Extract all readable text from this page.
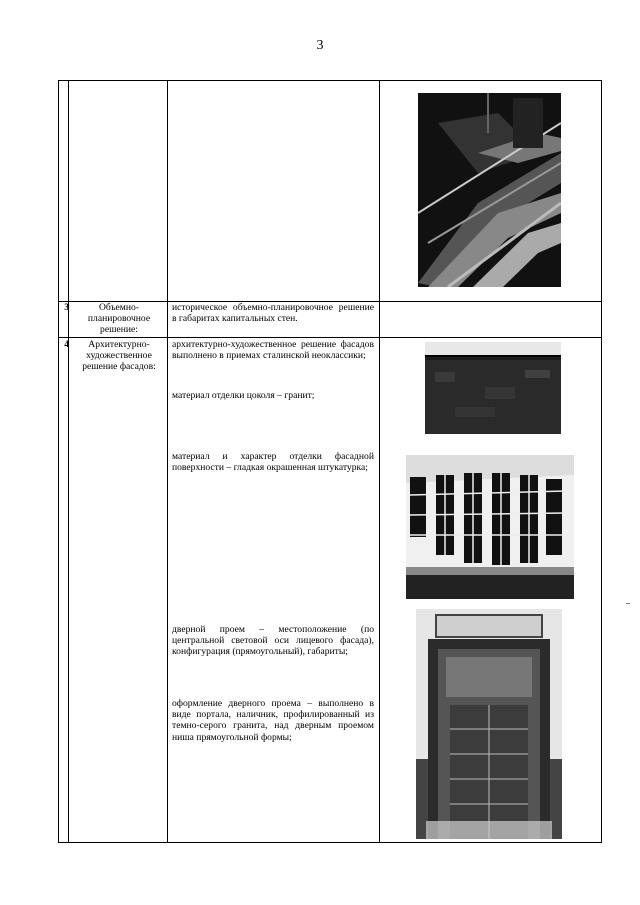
3
3	Объемно-планировочное решение:
историческое объемно-планировочное решение в габаритах капитальных стен.
4	Архитектурно-художественное решение фасадов:
архитектурно-художественное решение фасадов выполнено в приемах сталинской неоклассики;
материал отделки цоколя – гранит;
материал и характер отделки фасадной поверхности – гладкая окрашенная штукатурка;
дверной проем – местоположение (по центральной световой оси лицевого фасада), конфигурация (прямоугольный), габариты;
оформление дверного проема – выполнено в виде портала, наличник, профилированный из темно-серого гранита, над дверным проемом ниша прямоугольной формы;
